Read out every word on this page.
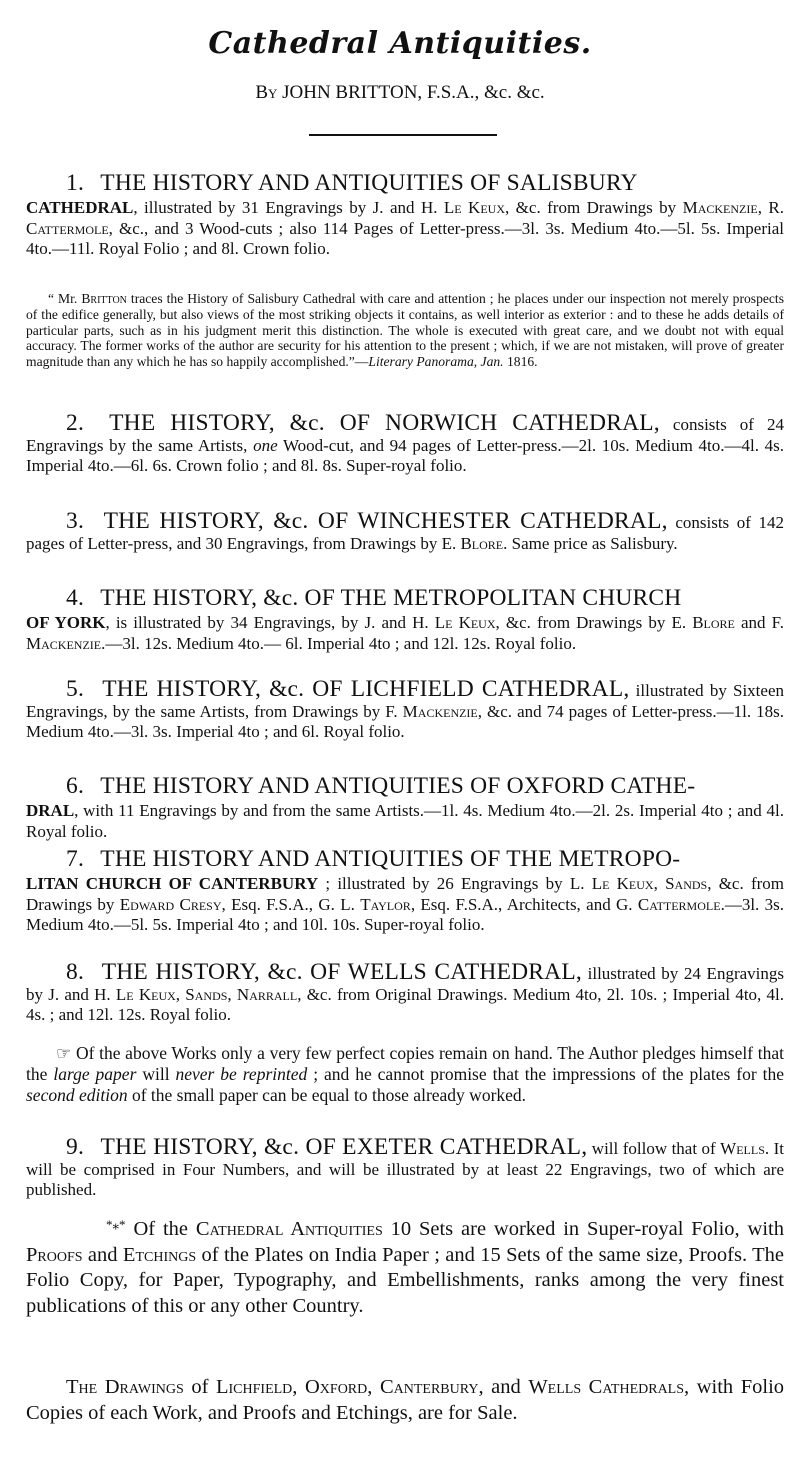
Cathedral Antiquities.
By JOHN BRITTON, F.S.A., &c. &c.

1. THE HISTORY AND ANTIQUITIES OF SALISBURY

CATHEDRAL, illustrated by 31 Engravings by J. and H. Le Keux, &c. from Drawings by Mackenzie, R. Cattermole, &c., and 3 Wood-cuts ; also 114 Pages of Letter-press.—3l. 3s. Medium 4to.—5l. 5s. Imperial 4to.—11l. Royal Folio ; and 8l. Crown folio.

“ Mr. Britton traces the History of Salisbury Cathedral with care and attention ; he places under our inspection not merely prospects of the edifice generally, but also views of the most striking objects it contains, as well interior as exterior : and to these he adds details of particular parts, such as in his judgment merit this distinction. The whole is executed with great care, and we doubt not with equal accuracy. The former works of the author are security for his attention to the present ; which, if we are not mistaken, will prove of greater magnitude than any which he has so happily accomplished.”—Literary Panorama, Jan. 1816.

2. THE HISTORY, &c. OF NORWICH CATHEDRAL, consists of 24 Engravings by the same Artists, one Wood-cut, and 94 pages of Letter-press.—2l. 10s. Medium 4to.—4l. 4s. Imperial 4to.—6l. 6s. Crown folio ; and 8l. 8s. Super-royal folio.

3. THE HISTORY, &c. OF WINCHESTER CATHEDRAL, consists of 142 pages of Letter-press, and 30 Engravings, from Drawings by E. Blore. Same price as Salisbury.

4. THE HISTORY, &c. OF THE METROPOLITAN CHURCH

OF YORK, is illustrated by 34 Engravings, by J. and H. Le Keux, &c. from Drawings by E. Blore and F. Mackenzie.—3l. 12s. Medium 4to.— 6l. Imperial 4to ; and 12l. 12s. Royal folio.

5. THE HISTORY, &c. OF LICHFIELD CATHEDRAL, illustrated by Sixteen Engravings, by the same Artists, from Drawings by F. Mackenzie, &c. and 74 pages of Letter-press.—1l. 18s. Medium 4to.—3l. 3s. Imperial 4to ; and 6l. Royal folio.

6. THE HISTORY AND ANTIQUITIES OF OXFORD CATHE-

DRAL, with 11 Engravings by and from the same Artists.—1l. 4s. Medium 4to.—2l. 2s. Imperial 4to ; and 4l. Royal folio.

7. THE HISTORY AND ANTIQUITIES OF THE METROPO-

LITAN CHURCH OF CANTERBURY ; illustrated by 26 Engravings by L. Le Keux, Sands, &c. from Drawings by Edward Cresy, Esq. F.S.A., G. L. Taylor, Esq. F.S.A., Architects, and G. Cattermole.—3l. 3s. Medium 4to.—5l. 5s. Imperial 4to ; and 10l. 10s. Super-royal folio.

8. THE HISTORY, &c. OF WELLS CATHEDRAL, illustrated by 24 Engravings by J. and H. Le Keux, Sands, Narrall, &c. from Original Drawings. Medium 4to, 2l. 10s. ; Imperial 4to, 4l. 4s. ; and 12l. 12s. Royal folio.

☞ Of the above Works only a very few perfect copies remain on hand. The Author pledges himself that the large paper will never be reprinted ; and he cannot promise that the impressions of the plates for the second edition of the small paper can be equal to those already worked.

9. THE HISTORY, &c. OF EXETER CATHEDRAL, will follow that of Wells. It will be comprised in Four Numbers, and will be illustrated by at least 22 Engravings, two of which are published.

*⁎* Of the Cathedral Antiquities 10 Sets are worked in Super-royal Folio, with Proofs and Etchings of the Plates on India Paper ; and 15 Sets of the same size, Proofs. The Folio Copy, for Paper, Typography, and Embellishments, ranks among the very finest publications of this or any other Country.

The Drawings of Lichfield, Oxford, Canterbury, and Wells Cathedrals, with Folio Copies of each Work, and Proofs and Etchings, are for Sale.
